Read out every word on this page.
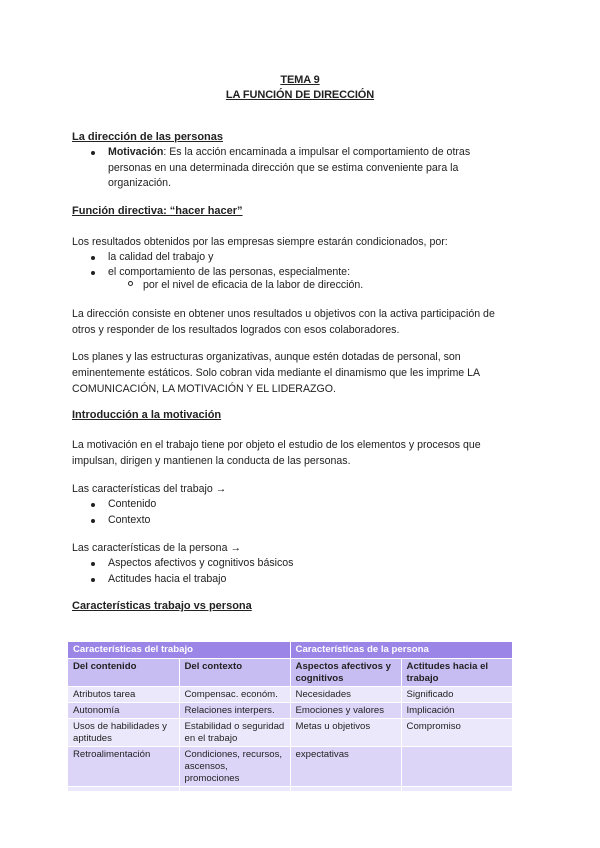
TEMA 9
LA FUNCIÓN DE DIRECCIÓN
La dirección de las personas
Motivación: Es la acción encaminada a impulsar el comportamiento de otras
personas en una determinada dirección que se estima conveniente para la
organización.
Función directiva: “hacer hacer”
Los resultados obtenidos por las empresas siempre estarán condicionados, por:
la calidad del trabajo y
el comportamiento de las personas, especialmente:
por el nivel de eficacia de la labor de dirección.
La dirección consiste en obtener unos resultados u objetivos con la activa participación de
otros y responder de los resultados logrados con esos colaboradores.
Los planes y las estructuras organizativas, aunque estén dotadas de personal, son
eminentemente estáticos. Solo cobran vida mediante el dinamismo que les imprime LA
COMUNICACIÓN, LA MOTIVACIÓN Y EL LIDERAZGO.
Introducción a la motivación
La motivación en el trabajo tiene por objeto el estudio de los elementos y procesos que
impulsan, dirigen y mantienen la conducta de las personas.
Las características del trabajo →
Contenido
Contexto
Las características de la persona →
Aspectos afectivos y cognitivos básicos
Actitudes hacia el trabajo
Características trabajo vs persona
Características del trabajo		Características de la persona	
Del contenido	Del contexto	Aspectos afectivos y cognitivos	Actitudes hacia el trabajo
Atributos tarea	Compensac. económ.	Necesidades	Significado
Autonomía	Relaciones interpers.	Emociones y valores	Implicación
Usos de habilidades y aptitudes	Estabilidad o seguridad en el trabajo	Metas u objetivos	Compromiso
Retroalimentación	Condiciones, recursos, ascensos, promociones	expectativas	
